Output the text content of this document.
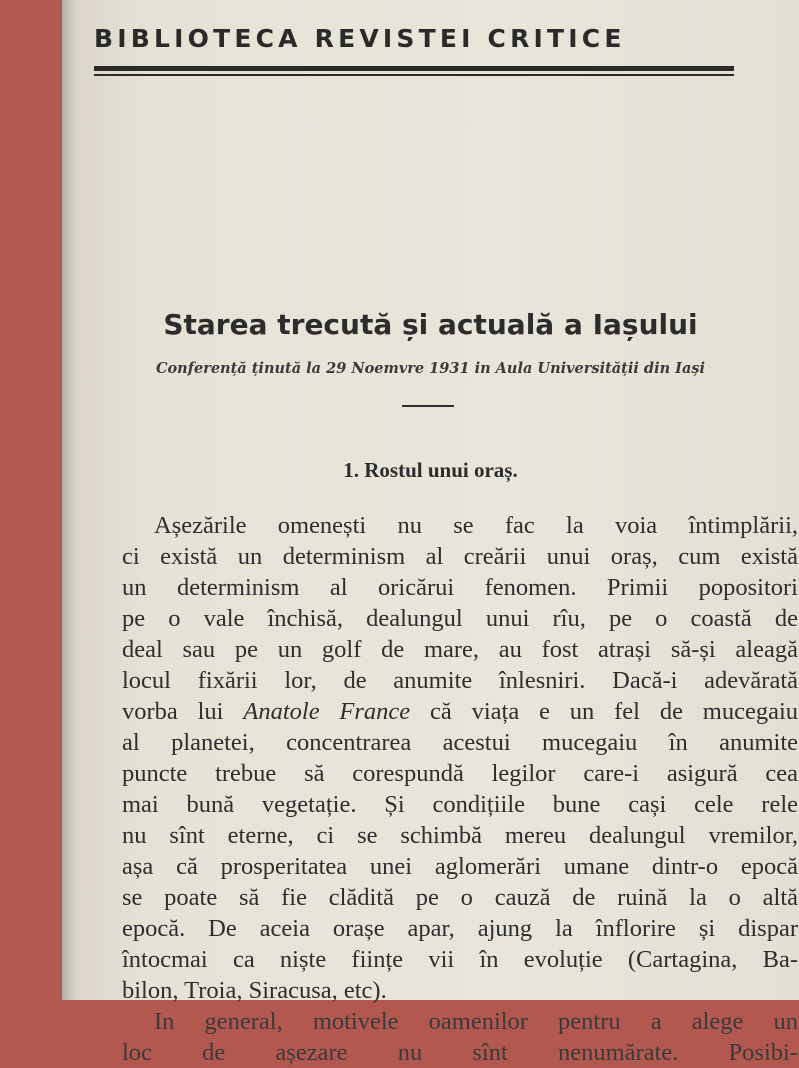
BIBLIOTECA REVISTEI CRITICE
Starea trecută și actuală a Iașului
Conferență ținută la 29 Noemvre 1931 in Aula Universității din Iași
1. Rostul unui oraș.
Așezările omenești nu se fac la voia întimplării,
ci există un determinism al creării unui oraș, cum există
un determinism al oricărui fenomen. Primii popositori
pe o vale închisă, dealungul unui rîu, pe o coastă de
deal sau pe un golf de mare, au fost atrași să-și aleagă
locul fixării lor, de anumite înlesniri. Dacă-i adevărată
vorba lui Anatole France că viața e un fel de mucegaiu
al planetei, concentrarea acestui mucegaiu în anumite
puncte trebue să corespundă legilor care-i asigură cea
mai bună vegetație. Și condițiile bune cași cele rele
nu sînt eterne, ci se schimbă mereu dealungul vremilor,
așa că prosperitatea unei aglomerări umane dintr-o epocă
se poate să fie clădită pe o cauză de ruină la o altă
epocă. De aceia orașe apar, ajung la înflorire și dispar
întocmai ca niște ființe vii în evoluție (Cartagina, Ba-
bilon, Troia, Siracusa, etc).
In general, motivele oamenilor pentru a alege un
loc de așezare nu sînt nenumărate. Posibi-
